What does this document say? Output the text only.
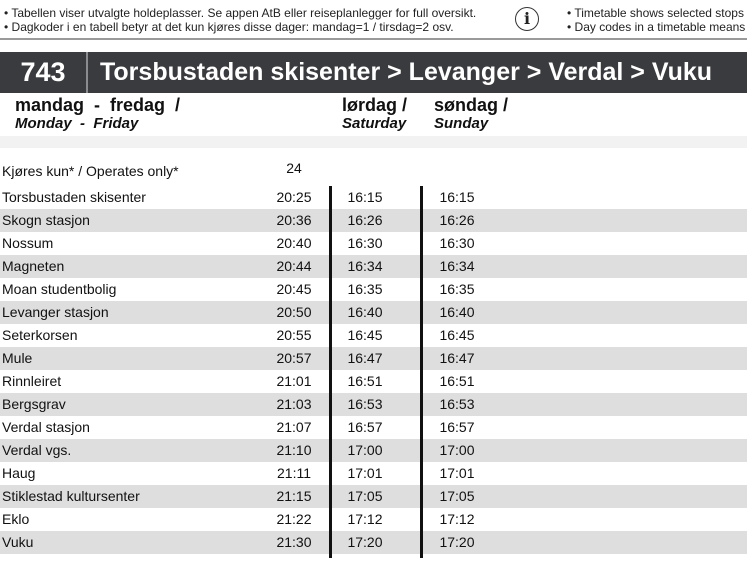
• Tabellen viser utvalgte holdeplasser. Se appen AtB eller reiseplanlegger for full oversikt.
• Dagkoder i en tabell betyr at det kun kjøres disse dager: mandag=1 / tirsdag=2 osv.	i	• Timetable shows selected stops
• Day codes in a timetable means
743	Torsbustaden skisenter > Levanger > Verdal > Vuku
mandag  -  fredag  /
Monday  -  Friday
lørdag /
Saturday
søndag /
Sunday
Kjøres kun* / Operates only*	24
Torsbustaden skisenter	20:25	16:15	16:15
Skogn stasjon	20:36	16:26	16:26
Nossum	20:40	16:30	16:30
Magneten	20:44	16:34	16:34
Moan studentbolig	20:45	16:35	16:35
Levanger stasjon	20:50	16:40	16:40
Seterkorsen	20:55	16:45	16:45
Mule	20:57	16:47	16:47
Rinnleiret	21:01	16:51	16:51
Bergsgrav	21:03	16:53	16:53
Verdal stasjon	21:07	16:57	16:57
Verdal vgs.	21:10	17:00	17:00
Haug	21:11	17:01	17:01
Stiklestad kultursenter	21:15	17:05	17:05
Eklo	21:22	17:12	17:12
Vuku	21:30	17:20	17:20
